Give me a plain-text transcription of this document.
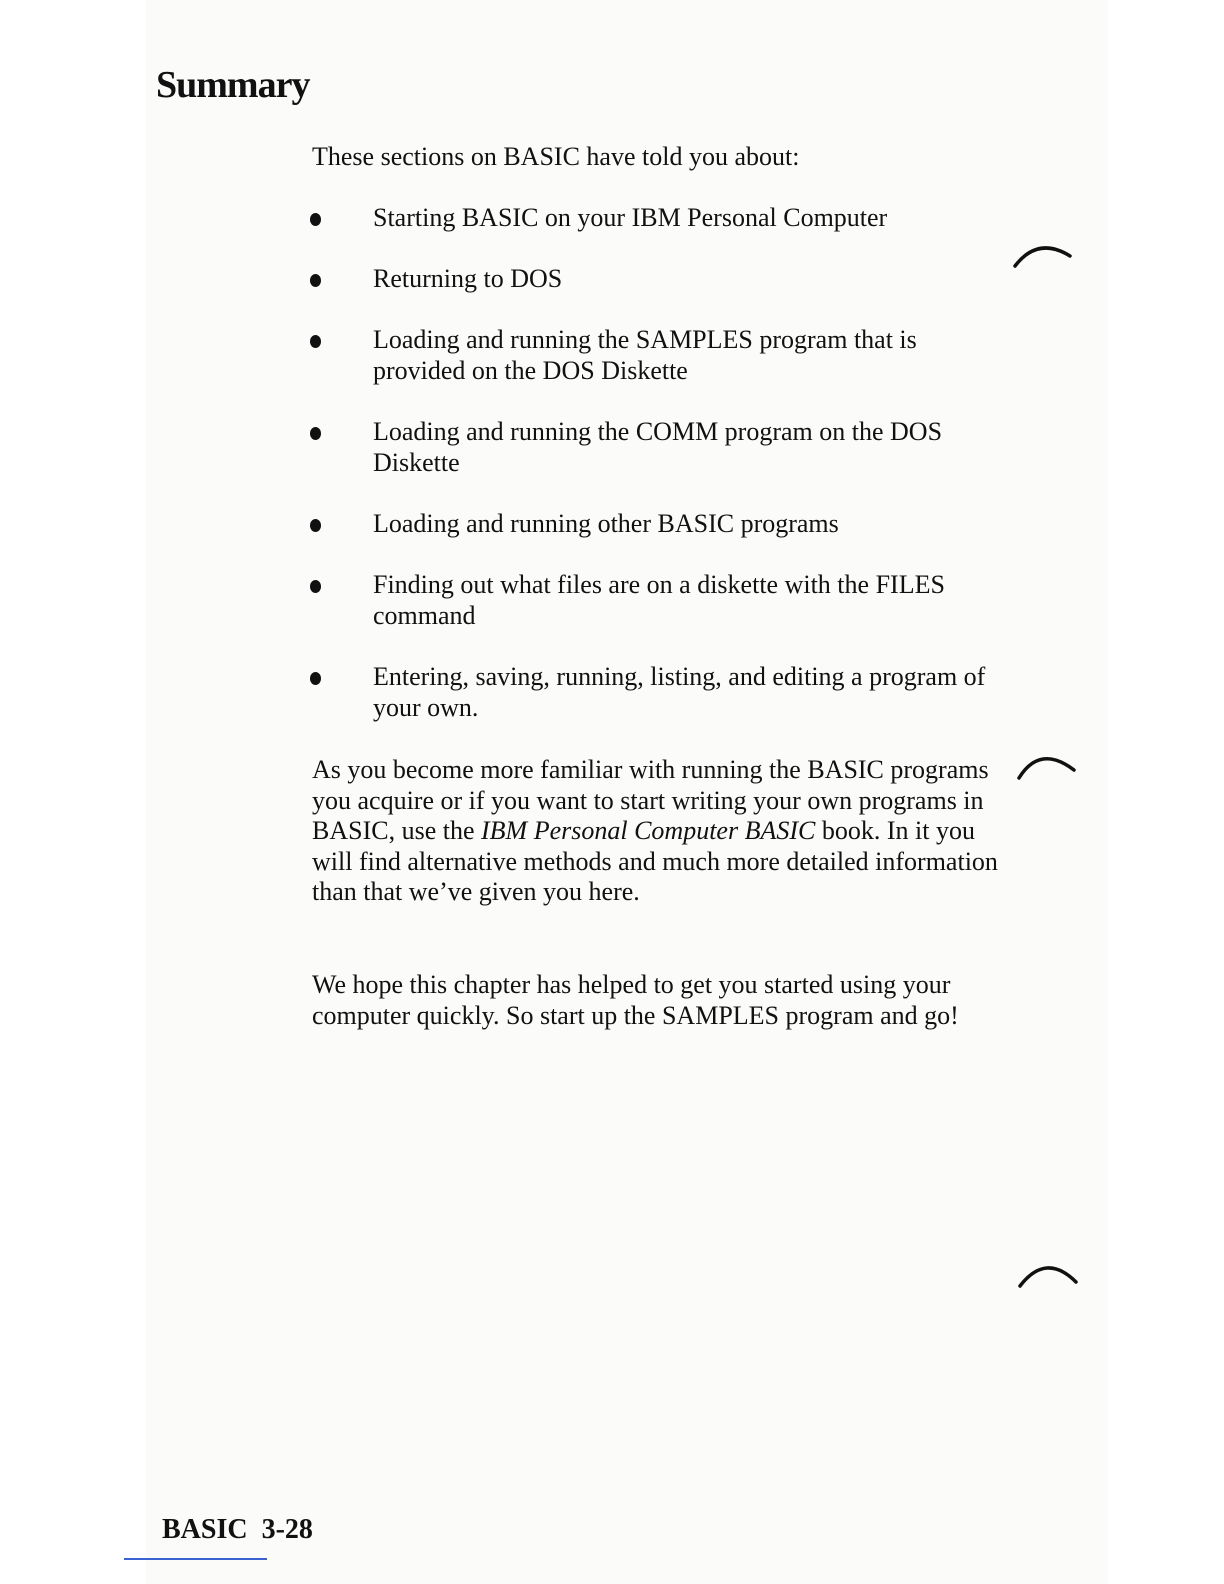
Summary

These sections on BASIC have told you about:

Starting BASIC on your IBM Personal Computer
Returning to DOS
Loading and running the SAMPLES program that is provided on the DOS Diskette
Loading and running the COMM program on the DOS Diskette
Loading and running other BASIC programs
Finding out what files are on a diskette with the FILES command
Entering, saving, running, listing, and editing a program of your own.

As you become more familiar with running the BASIC programs you acquire or if you want to start writing your own programs in BASIC, use the IBM Personal Computer BASIC book. In it you will find alternative methods and much more detailed information than that we’ve given you here.

We hope this chapter has helped to get you started using your computer quickly. So start up the SAMPLES program and go!

BASIC 3-28
